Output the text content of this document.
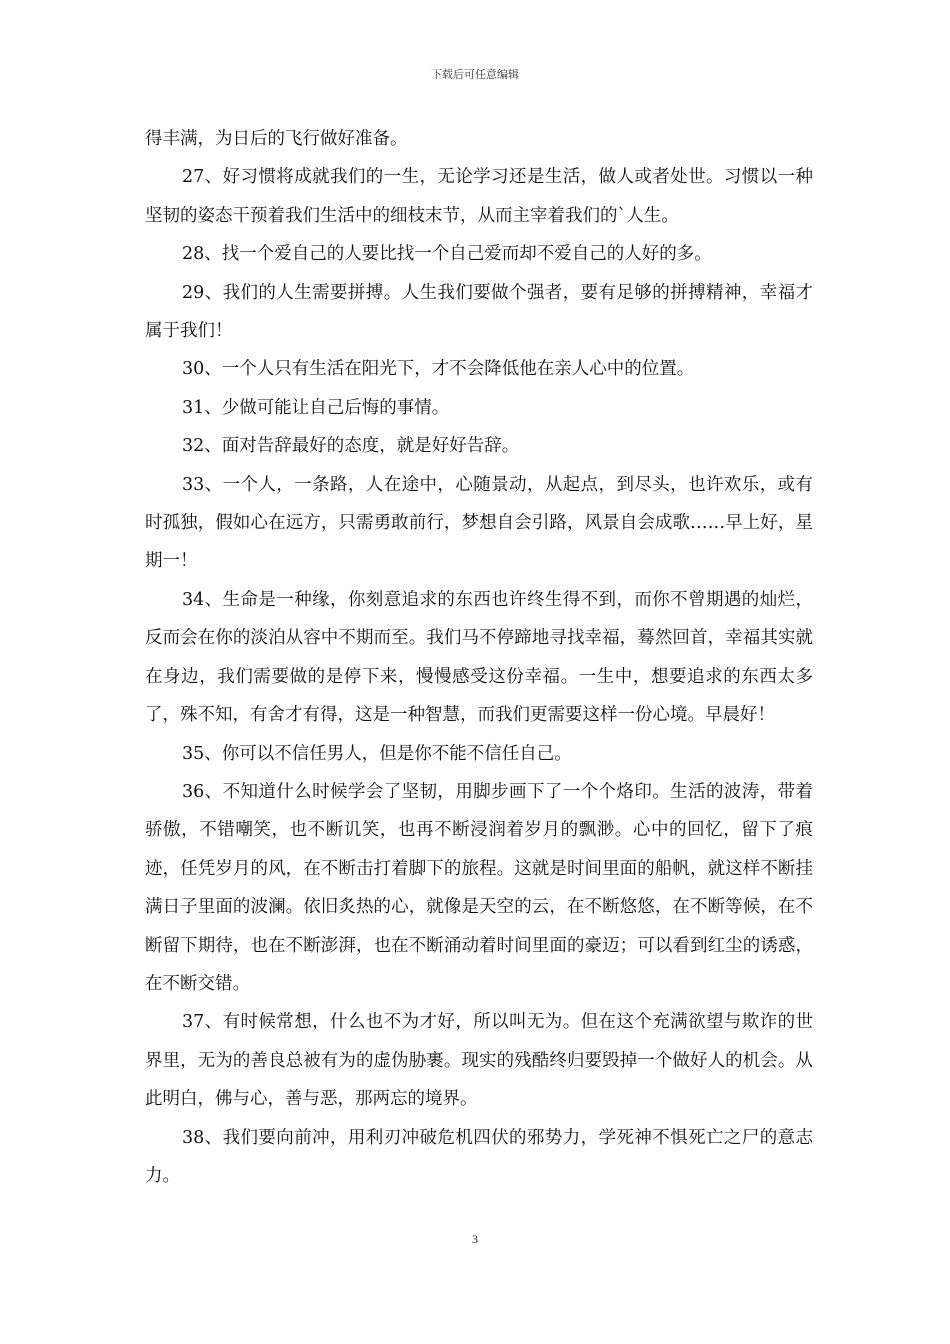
下载后可任意编辑

得丰满，为日后的飞行做好准备。

27、好习惯将成就我们的一生，无论学习还是生活，做人或者处世。习惯以一种坚韧的姿态干预着我们生活中的细枝末节，从而主宰着我们的`人生。

28、找一个爱自己的人要比找一个自己爱而却不爱自己的人好的多。

29、我们的人生需要拼搏。人生我们要做个强者，要有足够的拼搏精神，幸福才属于我们！

30、一个人只有生活在阳光下，才不会降低他在亲人心中的位置。

31、少做可能让自己后悔的事情。

32、面对告辞最好的态度，就是好好告辞。

33、一个人，一条路，人在途中，心随景动，从起点，到尽头，也许欢乐，或有时孤独，假如心在远方，只需勇敢前行，梦想自会引路，风景自会成歌……早上好，星期一！

34、生命是一种缘，你刻意追求的东西也许终生得不到，而你不曾期遇的灿烂，反而会在你的淡泊从容中不期而至。我们马不停蹄地寻找幸福，蓦然回首，幸福其实就在身边，我们需要做的是停下来，慢慢感受这份幸福。一生中，想要追求的东西太多了，殊不知，有舍才有得，这是一种智慧，而我们更需要这样一份心境。早晨好！

35、你可以不信任男人，但是你不能不信任自己。

36、不知道什么时候学会了坚韧，用脚步画下了一个个烙印。生活的波涛，带着骄傲，不错嘲笑，也不断讥笑，也再不断浸润着岁月的飘渺。心中的回忆，留下了痕迹，任凭岁月的风，在不断击打着脚下的旅程。这就是时间里面的船帆，就这样不断挂满日子里面的波澜。依旧炙热的心，就像是天空的云，在不断悠悠，在不断等候，在不断留下期待，也在不断澎湃，也在不断涌动着时间里面的豪迈；可以看到红尘的诱惑，在不断交错。

37、有时候常想，什么也不为才好，所以叫无为。但在这个充满欲望与欺诈的世界里，无为的善良总被有为的虚伪胁裹。现实的残酷终归要毁掉一个做好人的机会。从此明白，佛与心，善与恶，那两忘的境界。

38、我们要向前冲，用利刃冲破危机四伏的邪势力，学死神不惧死亡之尸的意志力。

3
